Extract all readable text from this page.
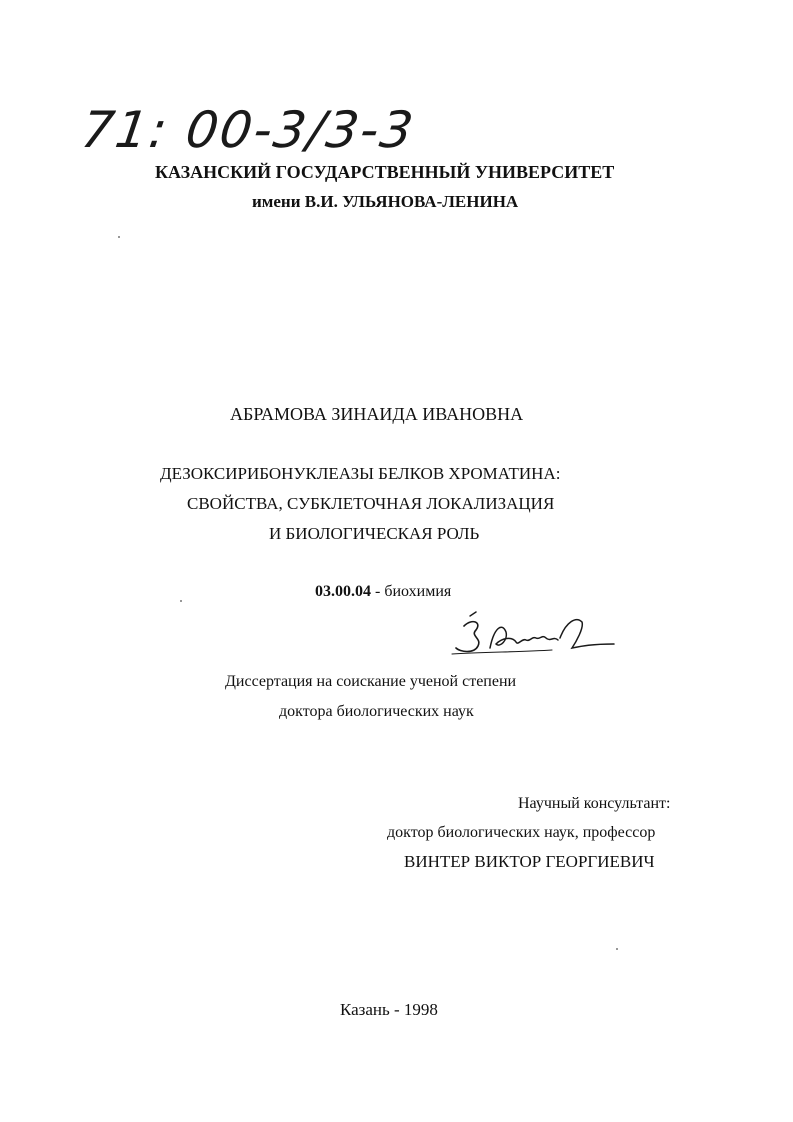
71: 00-3/3-3
КАЗАНСКИЙ ГОСУДАРСТВЕННЫЙ УНИВЕРСИТЕТ
имени В.И. УЛЬЯНОВА-ЛЕНИНА
АБРАМОВА ЗИНАИДА ИВАНОВНА
ДЕЗОКСИРИБОНУКЛЕАЗЫ БЕЛКОВ ХРОМАТИНА:
СВОЙСТВА, СУБКЛЕТОЧНАЯ ЛОКАЛИЗАЦИЯ
И БИОЛОГИЧЕСКАЯ РОЛЬ
03.00.04 - биохимия
Диссертация на соискание ученой степени
доктора биологических наук
Научный консультант:
доктор биологических наук, профессор
ВИНТЕР ВИКТОР ГЕОРГИЕВИЧ
Казань - 1998
